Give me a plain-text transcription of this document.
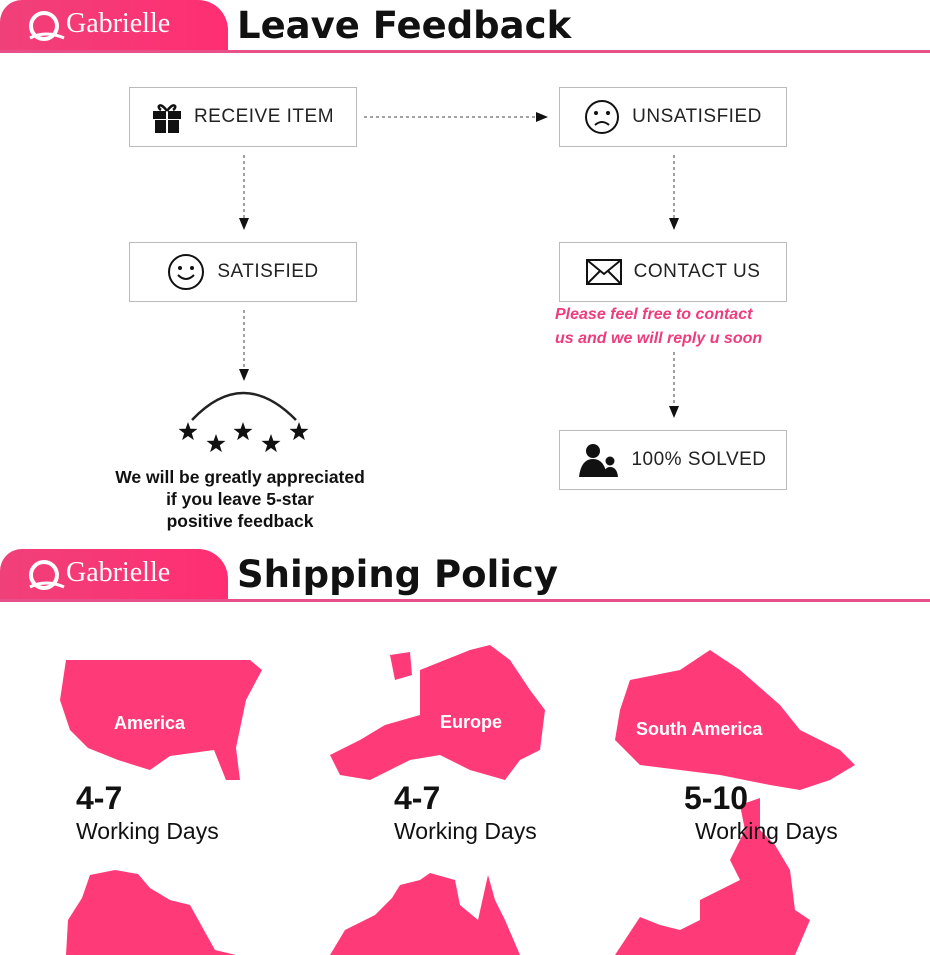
Gabrielle Leave Feedback
RECEIVE ITEM	UNSATISFIED
SATISFIED	CONTACT US
100% SOLVED
Please feel free to contact
us and we will reply u soon
We will be greatly appreciated
if you leave 5-star
positive feedback
Gabrielle Shipping Policy
America	Europe	South America
4-7	4-7	5-10
Working Days	Working Days	Working Days
